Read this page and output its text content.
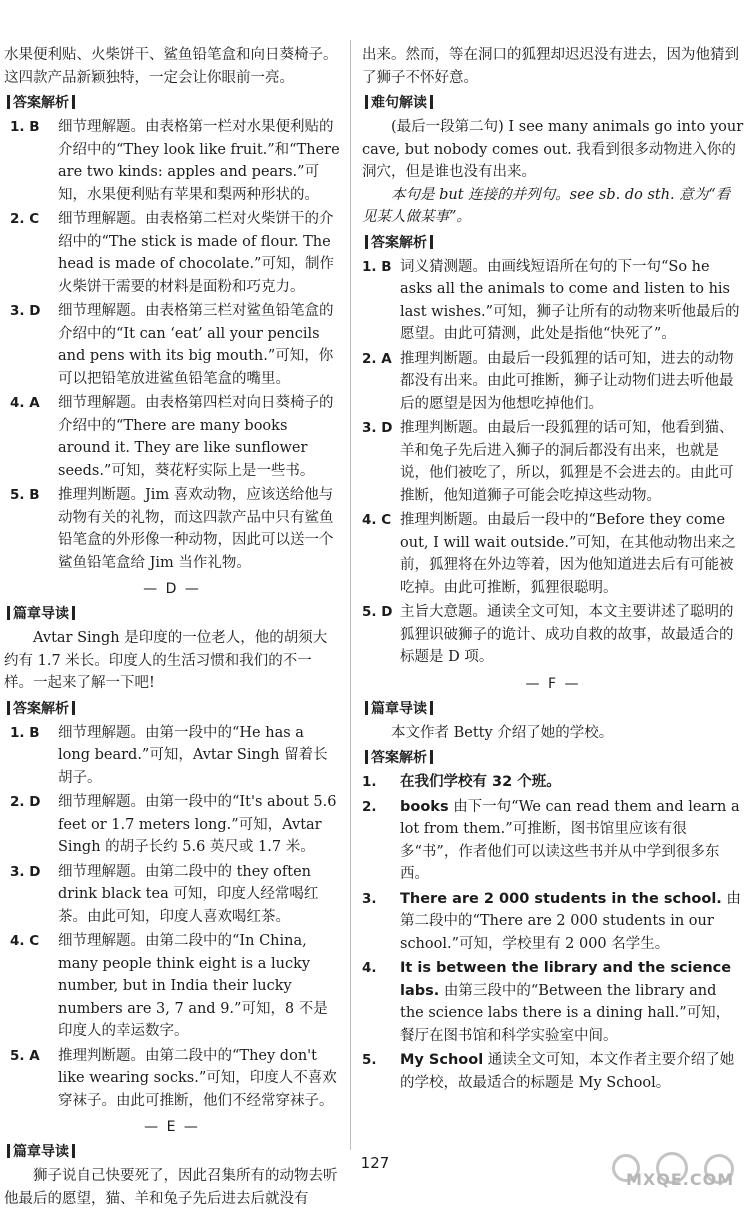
水果便利贴、火柴饼干、鲨鱼铅笔盒和向日葵椅子。

这四款产品新颖独特，一定会让你眼前一亮。

答案解析
1. B	细节理解题。由表格第一栏对水果便利贴的介绍中的“They look like fruit.”和“There are two kinds: apples and pears.”可知，水果便利贴有苹果和梨两种形状的。
2. C	细节理解题。由表格第二栏对火柴饼干的介绍中的“The stick is made of flour. The head is made of chocolate.”可知，制作火柴饼干需要的材料是面粉和巧克力。
3. D	细节理解题。由表格第三栏对鲨鱼铅笔盒的介绍中的“It can ‘eat’ all your pencils and pens with its big mouth.”可知，你可以把铅笔放进鲨鱼铅笔盒的嘴里。
4. A	细节理解题。由表格第四栏对向日葵椅子的介绍中的“There are many books around it. They are like sunflower seeds.”可知，葵花籽实际上是一些书。
5. B	推理判断题。Jim 喜欢动物，应该送给他与动物有关的礼物，而这四款产品中只有鲨鱼铅笔盒的外形像一种动物，因此可以送一个鲨鱼铅笔盒给 Jim 当作礼物。
— D —
篇章导读

Avtar Singh 是印度的一位老人，他的胡须大约有 1.7 米长。印度人的生活习惯和我们的不一样。一起来了解一下吧!

答案解析
1. B	细节理解题。由第一段中的“He has a long beard.”可知，Avtar Singh 留着长胡子。
2. D	细节理解题。由第一段中的“It's about 5.6 feet or 1.7 meters long.”可知，Avtar Singh 的胡子长约 5.6 英尺或 1.7 米。
3. D	细节理解题。由第二段中的 they often drink black tea 可知，印度人经常喝红茶。由此可知，印度人喜欢喝红茶。
4. C	细节理解题。由第二段中的“In China, many people think eight is a lucky number, but in India their lucky numbers are 3, 7 and 9.”可知，8 不是印度人的幸运数字。
5. A	推理判断题。由第二段中的“They don't like wearing socks.”可知，印度人不喜欢穿袜子。由此可推断，他们不经常穿袜子。
— E —
篇章导读

狮子说自己快要死了，因此召集所有的动物去听他最后的愿望，猫、羊和兔子先后进去后就没有

出来。然而，等在洞口的狐狸却迟迟没有进去，因为他猜到了狮子不怀好意。

难句解读

(最后一段第二句) I see many animals go into your cave, but nobody comes out. 我看到很多动物进入你的洞穴，但是谁也没有出来。

本句是 but 连接的并列句。see sb. do sth. 意为“看见某人做某事”。

答案解析
1. B 词义猜测题。由画线短语所在句的下一句“So he asks all the animals to come and listen to his last wishes.”可知，狮子让所有的动物来听他最后的愿望。由此可猜测，此处是指他“快死了”。
2. A 推理判断题。由最后一段狐狸的话可知，进去的动物都没有出来。由此可推断，狮子让动物们进去听他最后的愿望是因为他想吃掉他们。
3. D 推理判断题。由最后一段狐狸的话可知，他看到猫、羊和兔子先后进入狮子的洞后都没有出来，也就是说，他们被吃了，所以，狐狸是不会进去的。由此可推断，他知道狮子可能会吃掉这些动物。
4. C 推理判断题。由最后一段中的“Before they come out, I will wait outside.”可知，在其他动物出来之前，狐狸将在外边等着，因为他知道进去后有可能被吃掉。由此可推断，狐狸很聪明。
5. D 主旨大意题。通读全文可知，本文主要讲述了聪明的狐狸识破狮子的诡计、成功自救的故事，故最适合的标题是 D 项。
— F —
篇章导读

本文作者 Betty 介绍了她的学校。

答案解析
1.	在我们学校有 32 个班。
2.	books 由下一句“We can read them and learn a lot from them.”可推断，图书馆里应该有很多“书”，作者他们可以读这些书并从中学到很多东西。
3.	There are 2 000 students in the school. 由第二段中的“There are 2 000 students in our school.”可知，学校里有 2 000 名学生。
4.	It is between the library and the science labs. 由第三段中的“Between the library and the science labs there is a dining hall.”可知，餐厅在图书馆和科学实验室中间。
5.	My School 通读全文可知，本文作者主要介绍了她的学校，故最适合的标题是 My School。
127
MXQE.COM
